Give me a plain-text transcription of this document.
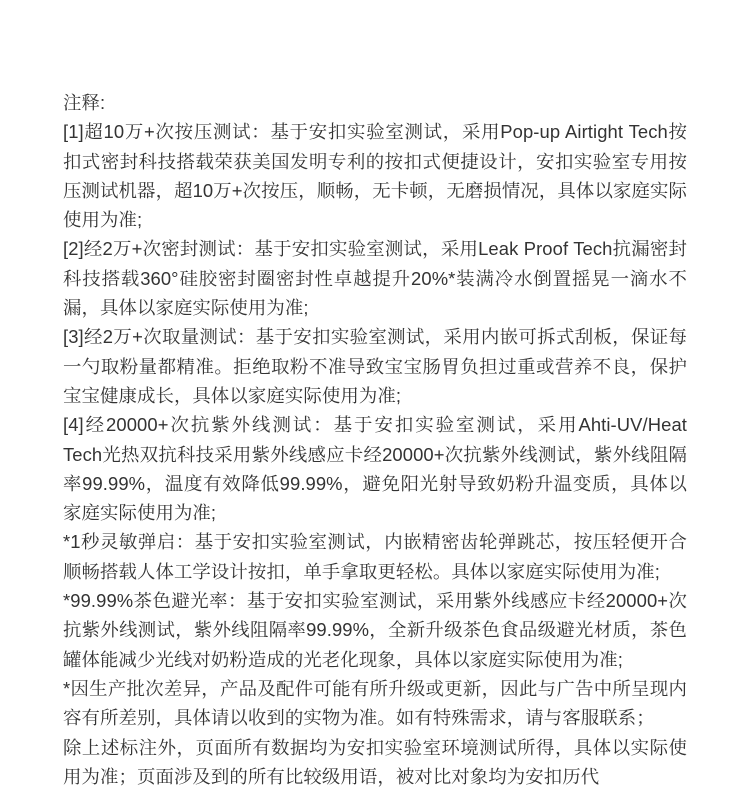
注释:

[1]超10万+次按压测试：基于安扣实验室测试，采用Pop-up Airtight Tech按扣式密封科技搭载荣获美国发明专利的按扣式便捷设计，安扣实验室专用按压测试机器，超10万+次按压，顺畅，无卡顿，无磨损情况，具体以家庭实际使用为准;

[2]经2万+次密封测试：基于安扣实验室测试，采用Leak Proof Tech抗漏密封科技搭载360°硅胶密封圈密封性卓越提升20%*装满冷水倒置摇晃一滴水不漏，具体以家庭实际使用为准;

[3]经2万+次取量测试：基于安扣实验室测试，采用内嵌可拆式刮板，保证每一勺取粉量都精准。拒绝取粉不准导致宝宝肠胃负担过重或营养不良，保护宝宝健康成长，具体以家庭实际使用为准;

[4]经20000+次抗紫外线测试：基于安扣实验室测试，采用Ahti-UV/Heat Tech光热双抗科技采用紫外线感应卡经20000+次抗紫外线测试，紫外线阻隔率99.99%，温度有效降低99.99%，避免阳光射导致奶粉升温变质，具体以家庭实际使用为准;

*1秒灵敏弹启：基于安扣实验室测试，内嵌精密齿轮弹跳芯，按压轻便开合顺畅搭载人体工学设计按扣，单手拿取更轻松。具体以家庭实际使用为准;

*99.99%茶色避光率：基于安扣实验室测试，采用紫外线感应卡经20000+次抗紫外线测试，紫外线阻隔率99.99%，全新升级茶色食品级避光材质，茶色罐体能减少光线对奶粉造成的光老化现象，具体以家庭实际使用为准;

*因生产批次差异，产品及配件可能有所升级或更新，因此与广告中所呈现内容有所差别，具体请以收到的实物为准。如有特殊需求，请与客服联系；

除上述标注外，页面所有数据均为安扣实验室环境测试所得，具体以实际使用为准；页面涉及到的所有比较级用语，被对比对象均为安扣历代
